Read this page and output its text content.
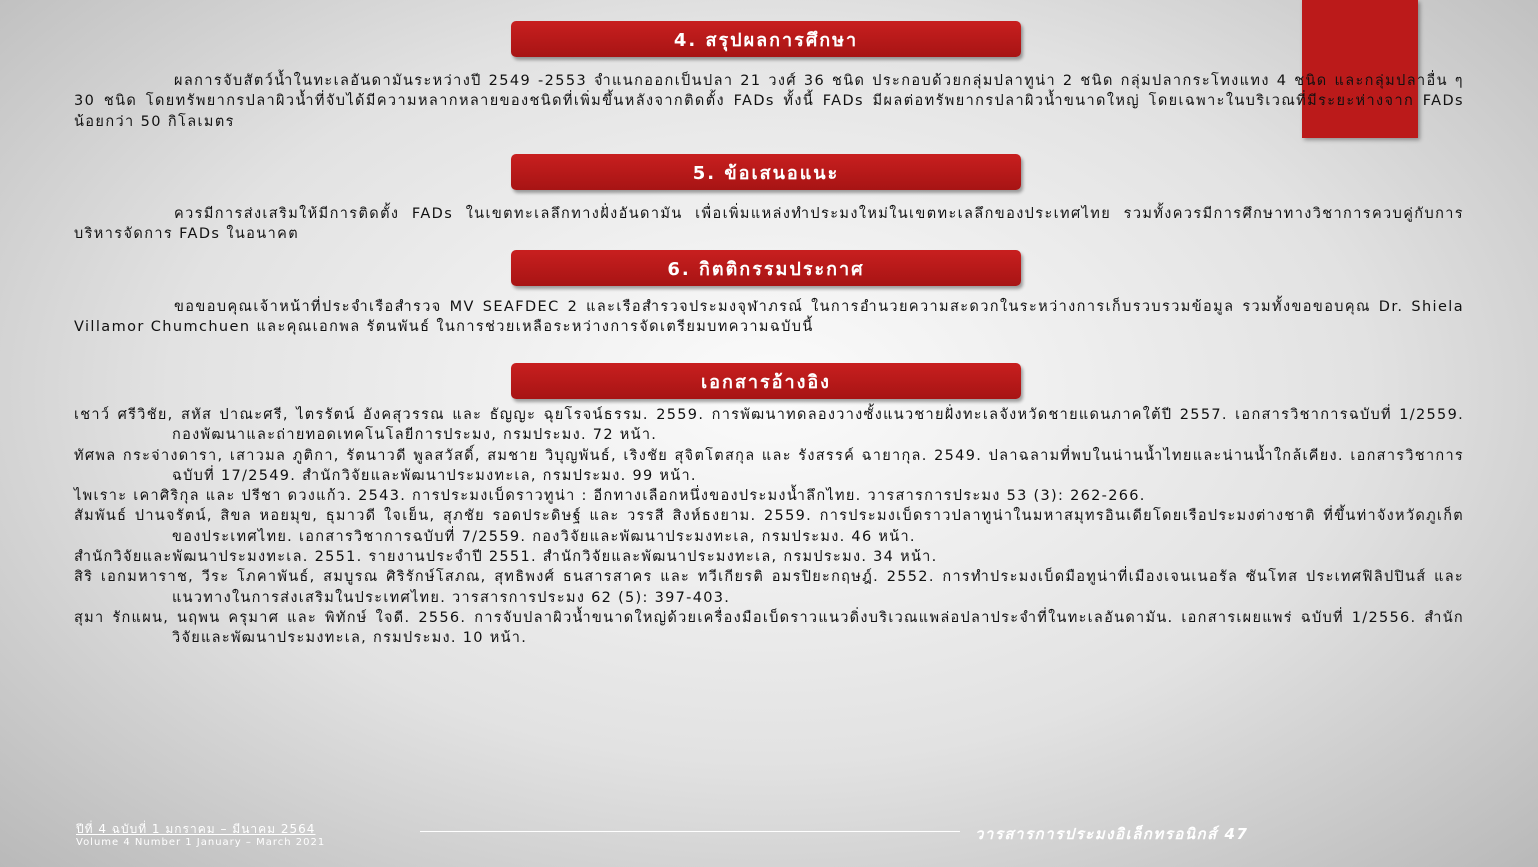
4. สรุปผลการศึกษา

ผลการจับสัตว์น้ำในทะเลอันดามันระหว่างปี 2549 -2553 จำแนกออกเป็นปลา 21 วงศ์ 36 ชนิด ประกอบด้วยกลุ่มปลาทูน่า 2 ชนิด กลุ่มปลากระโทงแทง 4 ชนิด และกลุ่มปลาอื่น ๆ 30 ชนิด โดยทรัพยากรปลาผิวน้ำที่จับได้มีความหลากหลายของชนิดที่เพิ่มขึ้นหลังจากติดตั้ง FADs ทั้งนี้ FADs มีผลต่อทรัพยากรปลาผิวน้ำขนาดใหญ่ โดยเฉพาะในบริเวณที่มีระยะห่างจาก FADs น้อยกว่า 50 กิโลเมตร

5. ข้อเสนอแนะ

ควรมีการส่งเสริมให้มีการติดตั้ง FADs ในเขตทะเลลึกทางฝั่งอันดามัน เพื่อเพิ่มแหล่งทำประมงใหม่ในเขตทะเลลึกของประเทศไทย รวมทั้งควรมีการศึกษาทางวิชาการควบคู่กับการบริหารจัดการ FADs ในอนาคต

6. กิตติกรรมประกาศ

ขอขอบคุณเจ้าหน้าที่ประจำเรือสำรวจ MV SEAFDEC 2 และเรือสำรวจประมงจุฬาภรณ์ ในการอำนวยความสะดวกในระหว่างการเก็บรวบรวมข้อมูล รวมทั้งขอขอบคุณ Dr. Shiela Villamor Chumchuen และคุณเอกพล รัตนพันธ์ ในการช่วยเหลือระหว่างการจัดเตรียมบทความฉบับนี้

เอกสารอ้างอิง

เชาว์ ศรีวิชัย, สหัส ปาณะศรี, ไตรรัตน์ อังคสุวรรณ และ ธัญญะ ฉุยโรจน์ธรรม. 2559. การพัฒนาทดลองวางซั้งแนวชายฝั่งทะเลจังหวัดชายแดนภาคใต้ปี 2557. เอกสารวิชาการฉบับที่ 1/2559. กองพัฒนาและถ่ายทอดเทคโนโลยีการประมง, กรมประมง. 72 หน้า.

ทัศพล กระจ่างดารา, เสาวมล ภูติกา, รัตนาวดี พูลสวัสดิ์, สมชาย วิบุญพันธ์, เริงชัย สุจิตโตสกุล และ รังสรรค์ ฉายากุล. 2549. ปลาฉลามที่พบในน่านน้ำไทยและน่านน้ำใกล้เคียง. เอกสารวิชาการฉบับที่ 17/2549. สำนักวิจัยและพัฒนาประมงทะเล, กรมประมง. 99 หน้า.

ไพเราะ เคาศิริกุล และ ปรีชา ดวงแก้ว. 2543. การประมงเบ็ดราวทูน่า : อีกทางเลือกหนึ่งของประมงน้ำลึกไทย. วารสารการประมง 53 (3): 262-266.

สัมพันธ์ ปานจรัตน์, สิขล หอยมุข, ธุมาวดี ใจเย็น, สุภชัย รอดประดิษฐ์ และ วรรสี สิงห์ธงยาม. 2559. การประมงเบ็ดราวปลาทูน่าในมหาสมุทรอินเดียโดยเรือประมงต่างชาติ ที่ขึ้นท่าจังหวัดภูเก็ตของประเทศไทย. เอกสารวิชาการฉบับที่ 7/2559. กองวิจัยและพัฒนาประมงทะเล, กรมประมง. 46 หน้า.

สำนักวิจัยและพัฒนาประมงทะเล. 2551. รายงานประจำปี 2551. สำนักวิจัยและพัฒนาประมงทะเล, กรมประมง. 34 หน้า.

สิริ เอกมหาราช, วีระ โภคาพันธ์, สมบูรณ ศิริรักษ์โสภณ, สุทธิพงศ์ ธนสารสาคร และ ทวีเกียรติ อมรปิยะกฤษฎ์. 2552. การทำประมงเบ็ดมือทูน่าที่เมืองเจนเนอรัล ซันโทส ประเทศฟิลิปปินส์ และแนวทางในการส่งเสริมในประเทศไทย. วารสารการประมง 62 (5): 397-403.

สุมา รักแผน, นฤพน ครุมาศ และ พิทักษ์ ใจดี. 2556. การจับปลาผิวน้ำขนาดใหญ่ด้วยเครื่องมือเบ็ดราวแนวดิ่งบริเวณแพล่อปลาประจำที่ในทะเลอันดามัน. เอกสารเผยแพร่ ฉบับที่ 1/2556. สำนักวิจัยและพัฒนาประมงทะเล, กรมประมง. 10 หน้า.

ปีที่ 4 ฉบับที่ 1 มกราคม – มีนาคม 2564
Volume 4 Number 1 January – March 2021	วารสารการประมงอิเล็กทรอนิกส์ 47
